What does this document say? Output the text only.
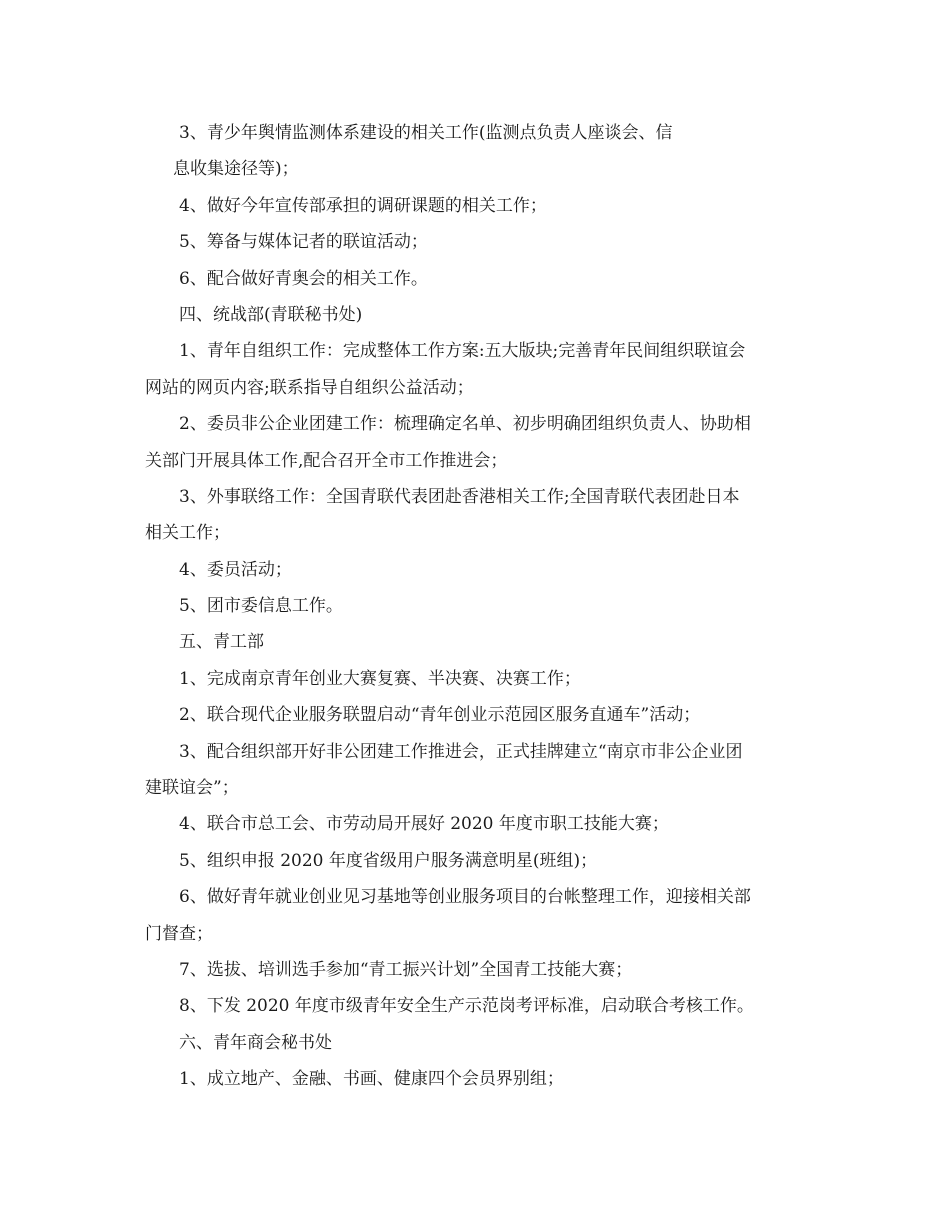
3、青少年舆情监测体系建设的相关工作(监测点负责人座谈会、信
息收集途径等)；
4、做好今年宣传部承担的调研课题的相关工作；
5、筹备与媒体记者的联谊活动；
6、配合做好青奥会的相关工作。
四、统战部(青联秘书处)
1、青年自组织工作：完成整体工作方案:五大版块;完善青年民间组织联谊会
网站的网页内容;联系指导自组织公益活动；
2、委员非公企业团建工作：梳理确定名单、初步明确团组织负责人、协助相
关部门开展具体工作,配合召开全市工作推进会；
3、外事联络工作：全国青联代表团赴香港相关工作;全国青联代表团赴日本
相关工作；
4、委员活动；
5、团市委信息工作。
五、青工部
1、完成南京青年创业大赛复赛、半决赛、决赛工作；
2、联合现代企业服务联盟启动“青年创业示范园区服务直通车”活动；
3、配合组织部开好非公团建工作推进会，正式挂牌建立“南京市非公企业团
建联谊会”；
4、联合市总工会、市劳动局开展好 2020 年度市职工技能大赛；
5、组织申报 2020 年度省级用户服务满意明星(班组)；
6、做好青年就业创业见习基地等创业服务项目的台帐整理工作，迎接相关部
门督查；
7、选拔、培训选手参加“青工振兴计划”全国青工技能大赛；
8、下发 2020 年度市级青年安全生产示范岗考评标准，启动联合考核工作。
六、青年商会秘书处
1、成立地产、金融、书画、健康四个会员界别组；
